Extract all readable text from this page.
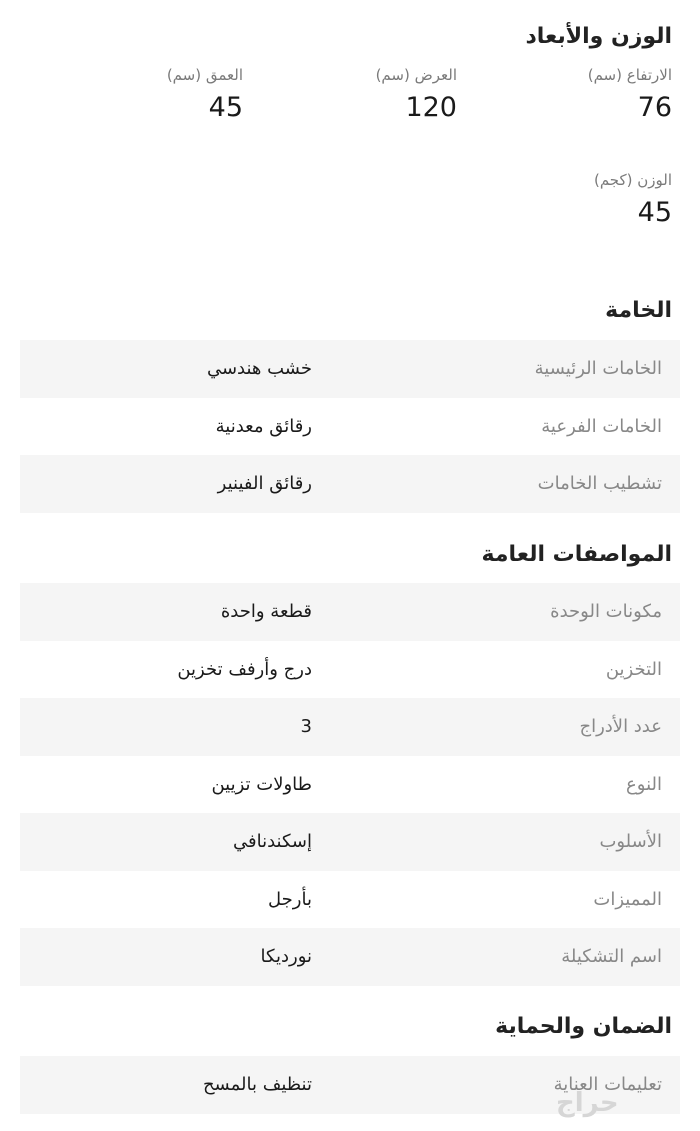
الوزن والأبعاد
الارتفاع (سم)
76
العرض (سم)
120
العمق (سم)
45
الوزن (كجم)
45
الخامة
الخامات الرئيسية
خشب هندسي
الخامات الفرعية
رقائق معدنية
تشطيب الخامات
رقائق الفينير
المواصفات العامة
مكونات الوحدة
قطعة واحدة
التخزين
درج وأرفف تخزين
عدد الأدراج
3
النوع
طاولات تزيين
الأسلوب
إسكندنافي
المميزات
بأرجل
اسم التشكيلة
نورديكا
الضمان والحماية
تعليمات العناية
تنظيف بالمسح
حراج
